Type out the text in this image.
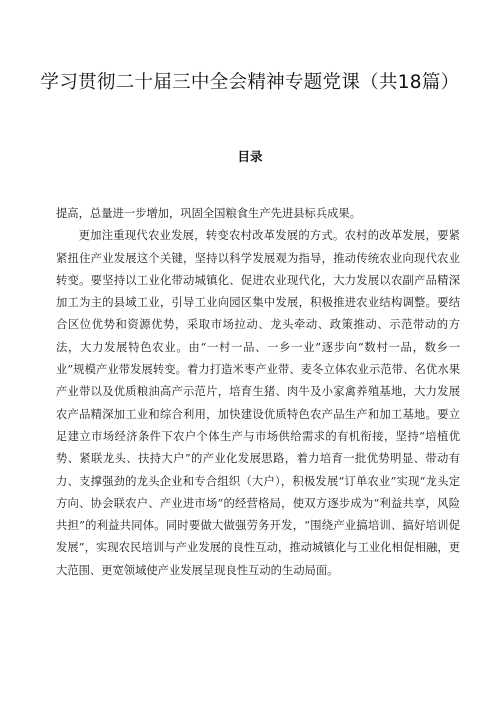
学习贯彻二十届三中全会精神专题党课（共18篇）
目录

提高，总量进一步增加，巩固全国粮食生产先进县标兵成果。

更加注重现代农业发展，转变农村改革发展的方式。农村的改革发展，要紧紧扭住产业发展这个关键，坚持以科学发展观为指导，推动传统农业向现代农业转变。要坚持以工业化带动城镇化、促进农业现代化，大力发展以农副产品精深加工为主的县域工业，引导工业向园区集中发展，积极推进农业结构调整。要结合区位优势和资源优势，采取市场拉动、龙头牵动、政策推动、示范带动的方法，大力发展特色农业。由“一村一品、一乡一业”逐步向“数村一品，数乡一业”规模产业带发展转变。着力打造米枣产业带、麦冬立体农业示范带、名优水果产业带以及优质粮油高产示范片，培育生猪、肉牛及小家禽养殖基地，大力发展农产品精深加工业和综合利用，加快建设优质特色农产品生产和加工基地。要立足建立市场经济条件下农户个体生产与市场供给需求的有机衔接，坚持“培植优势、紧联龙头、扶持大户”的产业化发展思路，着力培育一批优势明显、带动有力、支撑强劲的龙头企业和专合组织（大户），积极发展“订单农业”实现“龙头定方向、协会联农户、产业进市场”的经营格局，使双方逐步成为“利益共享，风险共担”的利益共同体。同时要做大做强劳务开发，“围绕产业搞培训、搞好培训促发展”，实现农民培训与产业发展的良性互动，推动城镇化与工业化相促相融，更大范围、更宽领域使产业发展呈现良性互动的生动局面。
